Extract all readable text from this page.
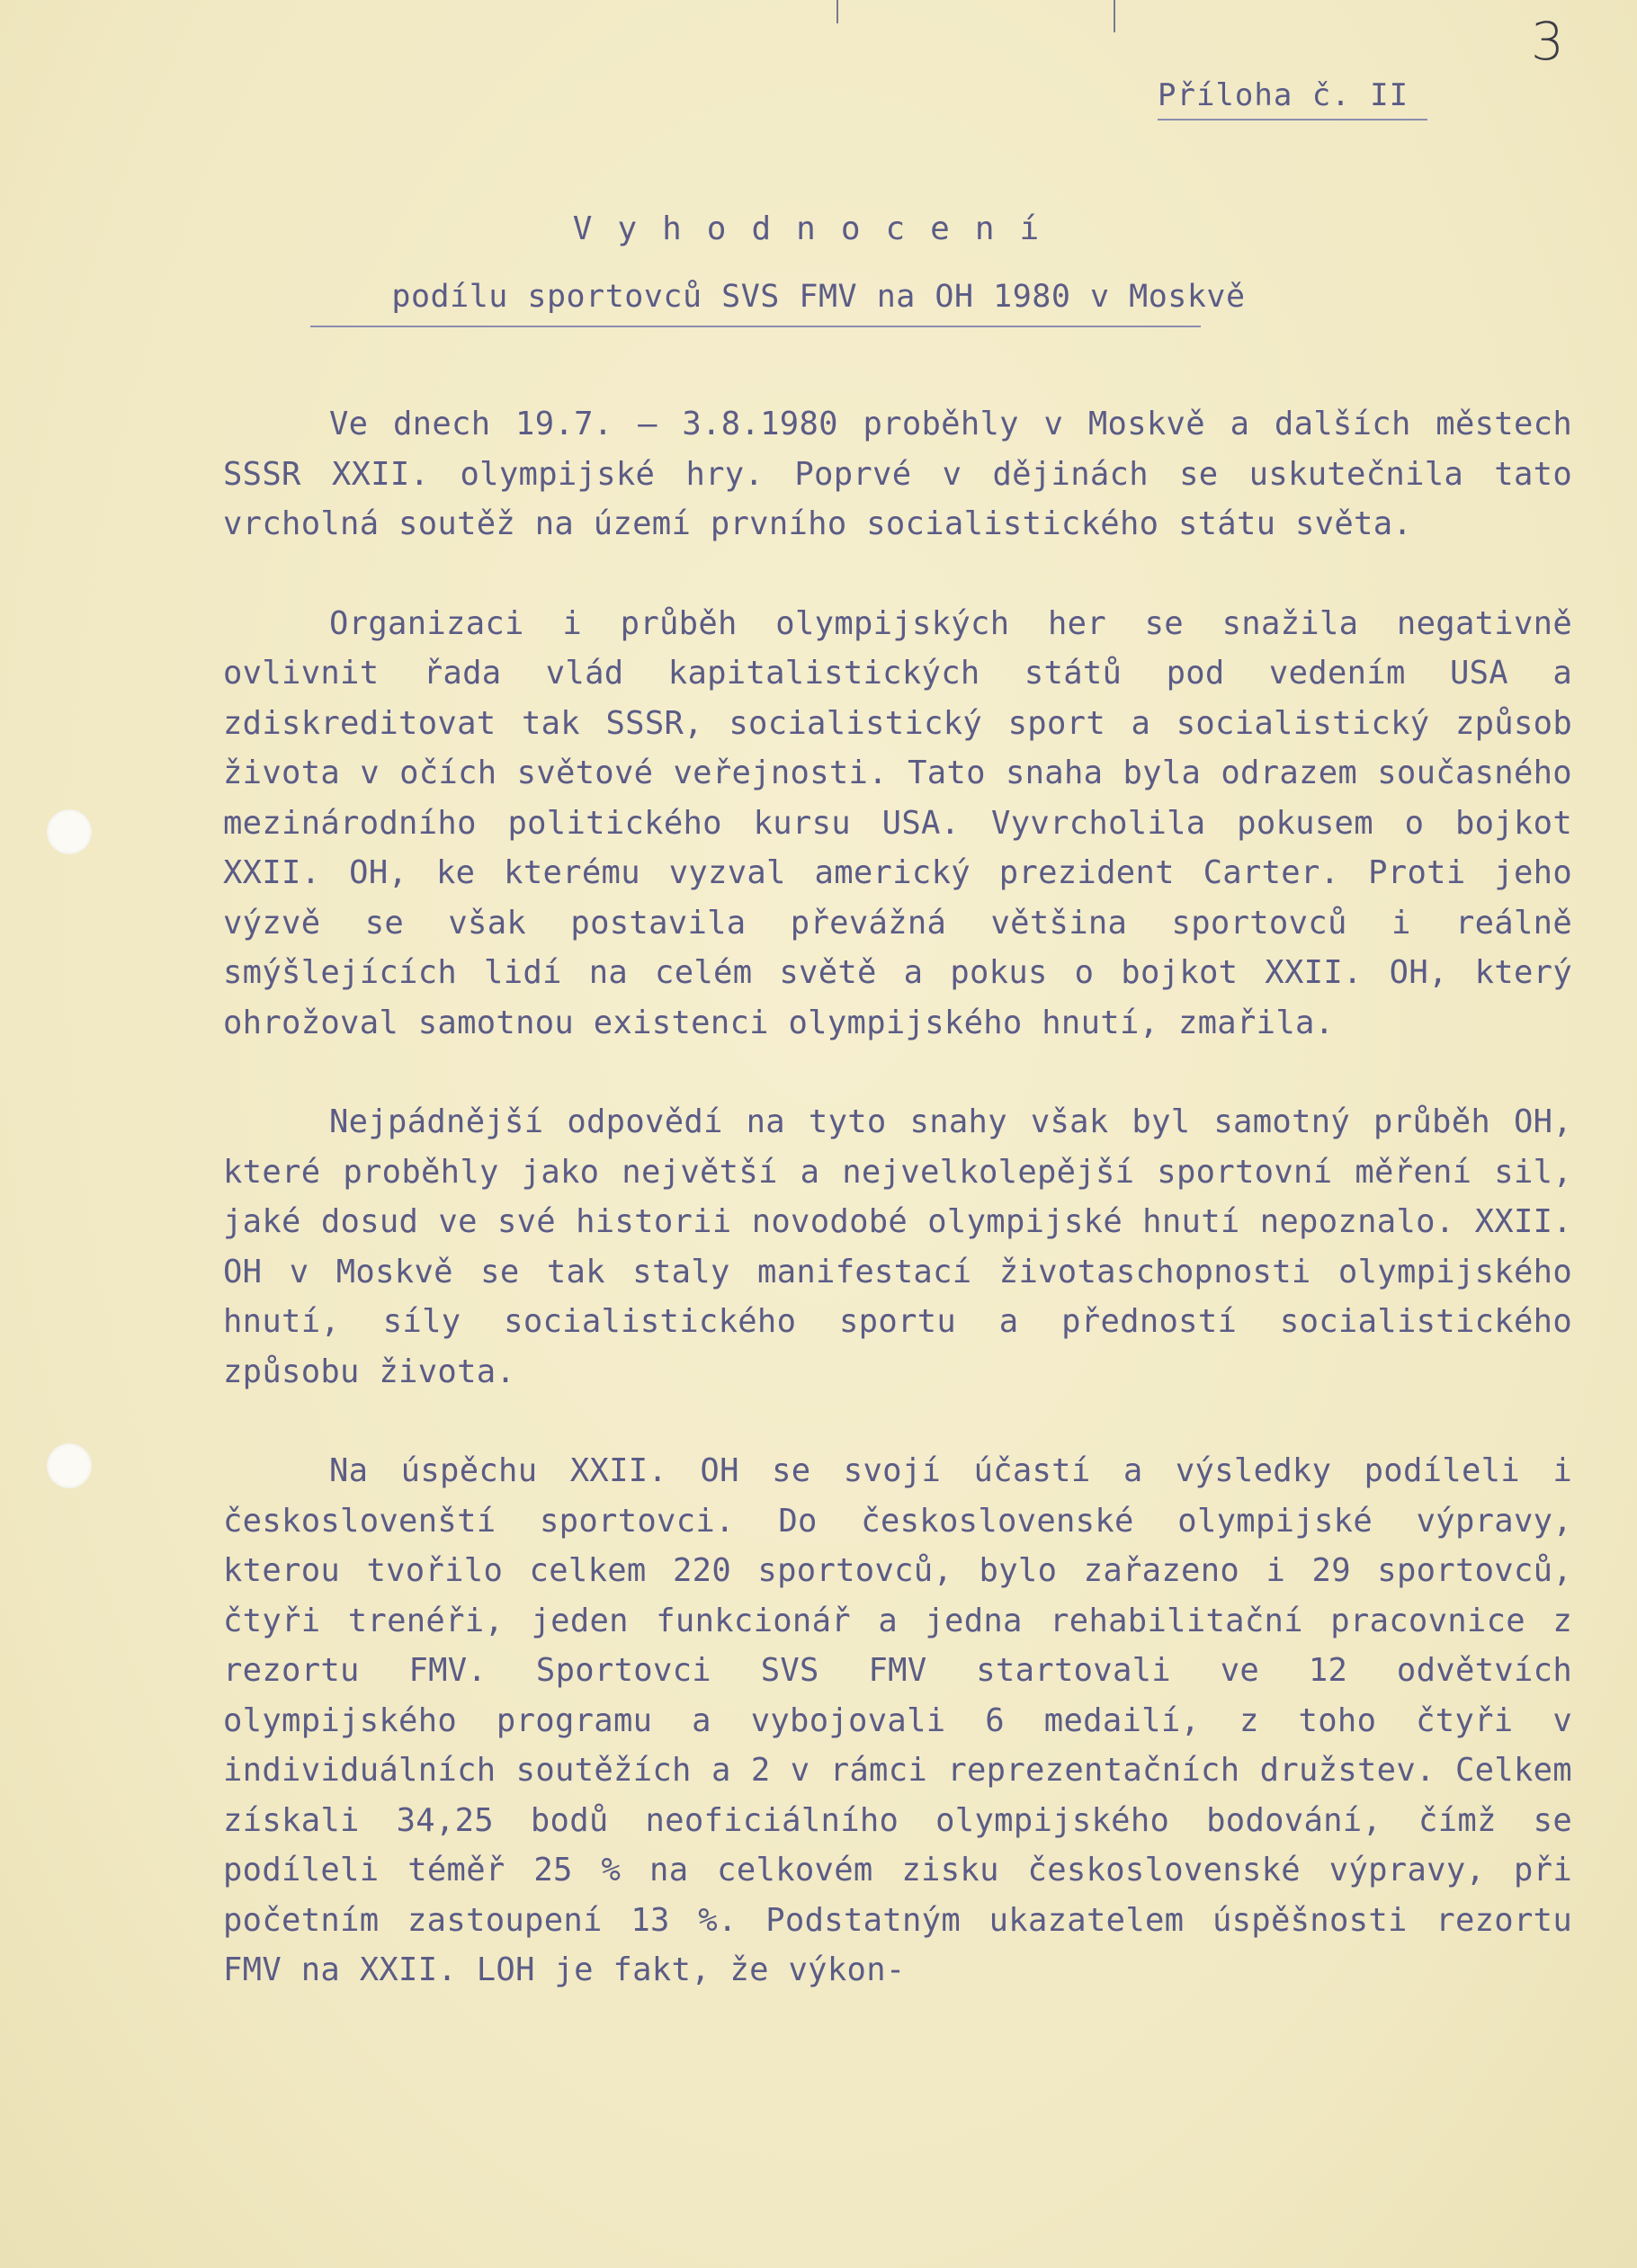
3
Příloha č. II
Vyhodnocení
podílu sportovců SVS FMV na OH 1980 v Moskvě

Ve dnech 19.7. – 3.8.1980 proběhly v Moskvě a dalších městech SSSR XXII. olympijské hry. Poprvé v dějinách se uskutečnila tato vrcholná soutěž na území prvního socialistického státu světa.

Organizaci i průběh olympijských her se snažila negativně ovlivnit řada vlád kapitalistických států pod vedením USA a zdiskreditovat tak SSSR, socialistický sport a socialistický způsob života v očích světové veřejnosti. Tato snaha byla odrazem současného mezinárodního politického kursu USA. Vyvrcholila pokusem o bojkot XXII. OH, ke kterému vyzval americký prezident Carter. Proti jeho výzvě se však postavila převážná většina sportovců i reálně smýšlejících lidí na celém světě a pokus o bojkot XXII. OH, který ohrožoval samotnou existenci olympijského hnutí, zmařila.

Nejpádnější odpovědí na tyto snahy však byl samotný průběh OH, které proběhly jako největší a nejvelkolepější sportovní měření sil, jaké dosud ve své historii novodobé olympijské hnutí nepoznalo. XXII. OH v Moskvě se tak staly manifestací životaschopnosti olympijského hnutí, síly socialistického sportu a předností socialistického způsobu života.

Na úspěchu XXII. OH se svojí účastí a výsledky podíleli i českoslovenští sportovci. Do československé olympijské výpravy, kterou tvořilo celkem 220 sportovců, bylo zařazeno i 29 sportovců, čtyři trenéři, jeden funkcionář a jedna rehabilitační pracovnice z rezortu FMV. Sportovci SVS FMV startovali ve 12 odvětvích olympijského programu a vybojovali 6 medailí, z toho čtyři v individuálních soutěžích a 2 v rámci reprezentačních družstev. Celkem získali 34,25 bodů neoficiálního olympijského bodování, čímž se podíleli téměř 25 % na celkovém zisku československé výpravy, při početním zastoupení 13 %. Podstatným ukazatelem úspěšnosti rezortu FMV na XXII. LOH je fakt, že výkon-
